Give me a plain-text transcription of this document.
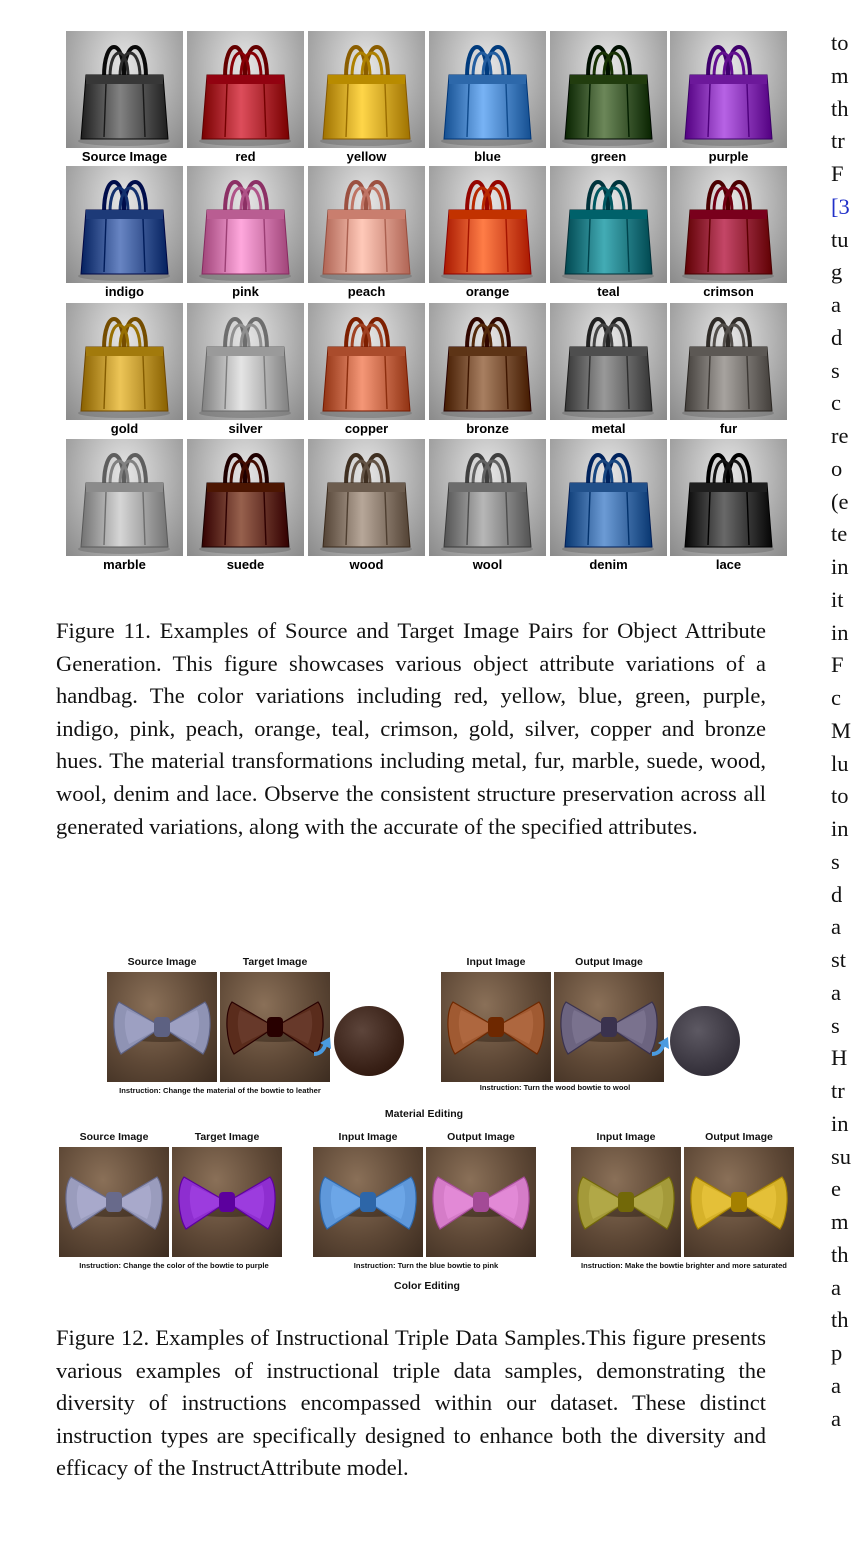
Source Image	red	yellow	blue	green	purple
indigo	pink	peach	orange	teal	crimson
gold	silver	copper	bronze	metal	fur
marble	suede	wood	wool	denim	lace

Figure 11. Examples of Source and Target Image Pairs for Object Attribute Generation. This figure showcases various object attribute variations of a handbag. The color variations including red, yellow, blue, green, purple, indigo, pink, peach, orange, teal, crimson, gold, silver, copper and bronze hues. The material transformations including metal, fur, marble, suede, wood, wool, denim and lace. Observe the consistent structure preservation across all generated variations, along with the accurate of the specified attributes.

Material Editing
Color Editing
Source Image	Target Image
Instruction: Change the material of the bowtie to leather
Input Image	Output Image
Instruction: Turn the wood bowtie to wool
Source Image	Target Image
Instruction: Change the color of the bowtie to purple
Input Image	Output Image
Instruction: Turn the blue bowtie to pink
Input Image	Output Image
Instruction: Make the bowtie brighter and more saturated

Figure 12. Examples of Instructional Triple Data Samples.This figure presents various examples of instructional triple data samples, demonstrating the diversity of instructions encompassed within our dataset. These distinct instruction types are specifically designed to enhance both the diversity and efficacy of the InstructAttribute model.

to
m
th
tr
F
[3
tu
g
a
d
s
c
re
o
(e
te
in
it
in
F
c
M
lu
to
in
s
d
a
st
a
s
H
tr
in
su
e
m
th
a
th
p
a
a
